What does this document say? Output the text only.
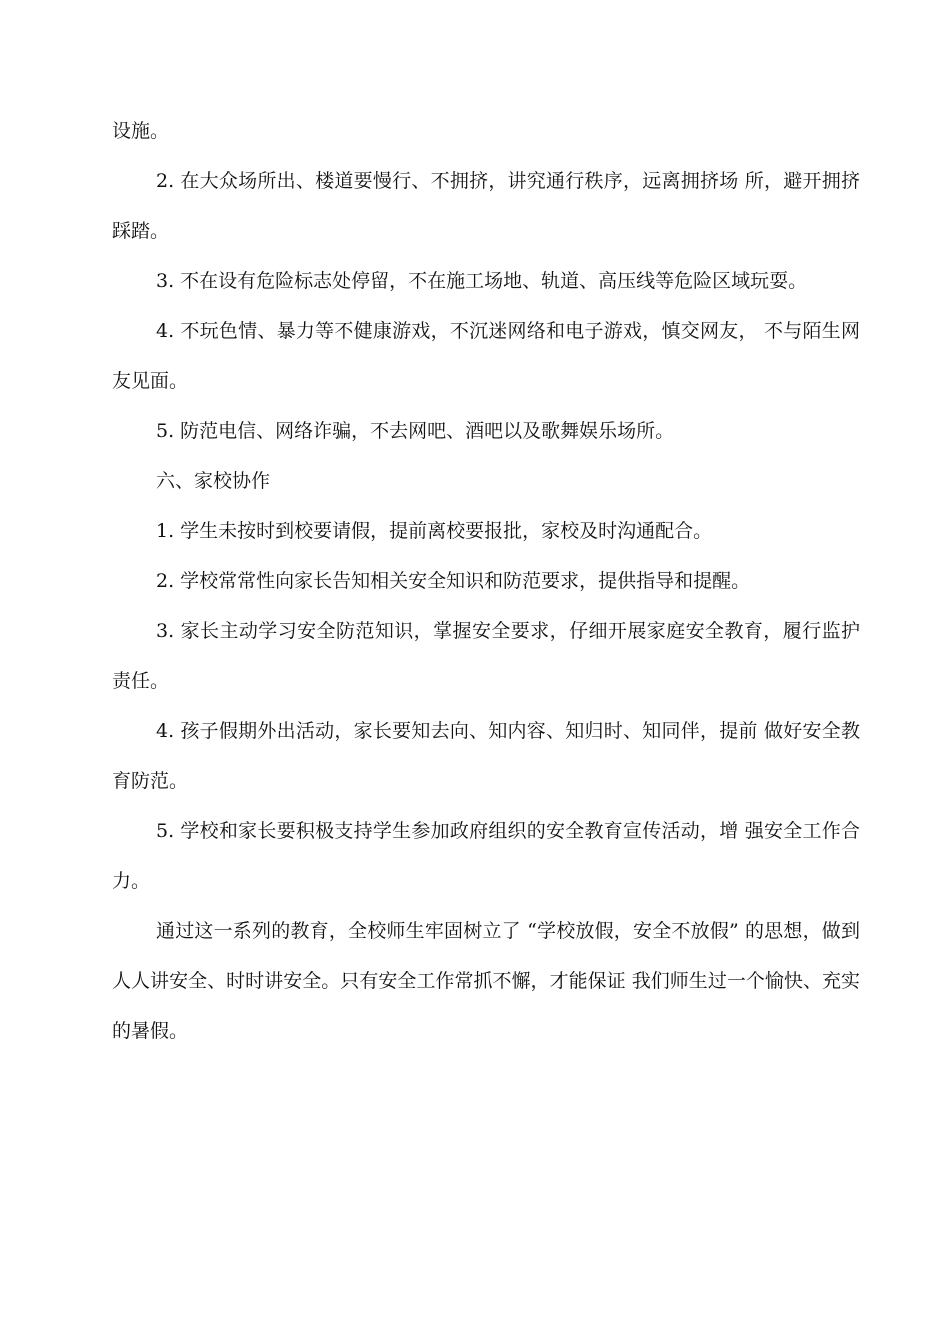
设施。

2. 在大众场所出、楼道要慢行、不拥挤，讲究通行秩序，远离拥挤场 所，避开拥挤踩踏。

3. 不在设有危险标志处停留，不在施工场地、轨道、高压线等危险区域玩耍。

4. 不玩色情、暴力等不健康游戏，不沉迷网络和电子游戏，慎交网友， 不与陌生网友见面。

5. 防范电信、网络诈骗，不去网吧、酒吧以及歌舞娱乐场所。

六、家校协作

1. 学生未按时到校要请假，提前离校要报批，家校及时沟通配合。

2. 学校常常性向家长告知相关安全知识和防范要求，提供指导和提醒。

3. 家长主动学习安全防范知识，掌握安全要求，仔细开展家庭安全教育，履行监护责任。

4. 孩子假期外出活动，家长要知去向、知内容、知归时、知同伴，提前 做好安全教育防范。

5. 学校和家长要积极支持学生参加政府组织的安全教育宣传活动，增 强安全工作合力。

通过这一系列的教育，全校师生牢固树立了 “学校放假，安全不放假” 的思想，做到人人讲安全、时时讲安全。只有安全工作常抓不懈，才能保证 我们师生过一个愉快、充实的暑假。
